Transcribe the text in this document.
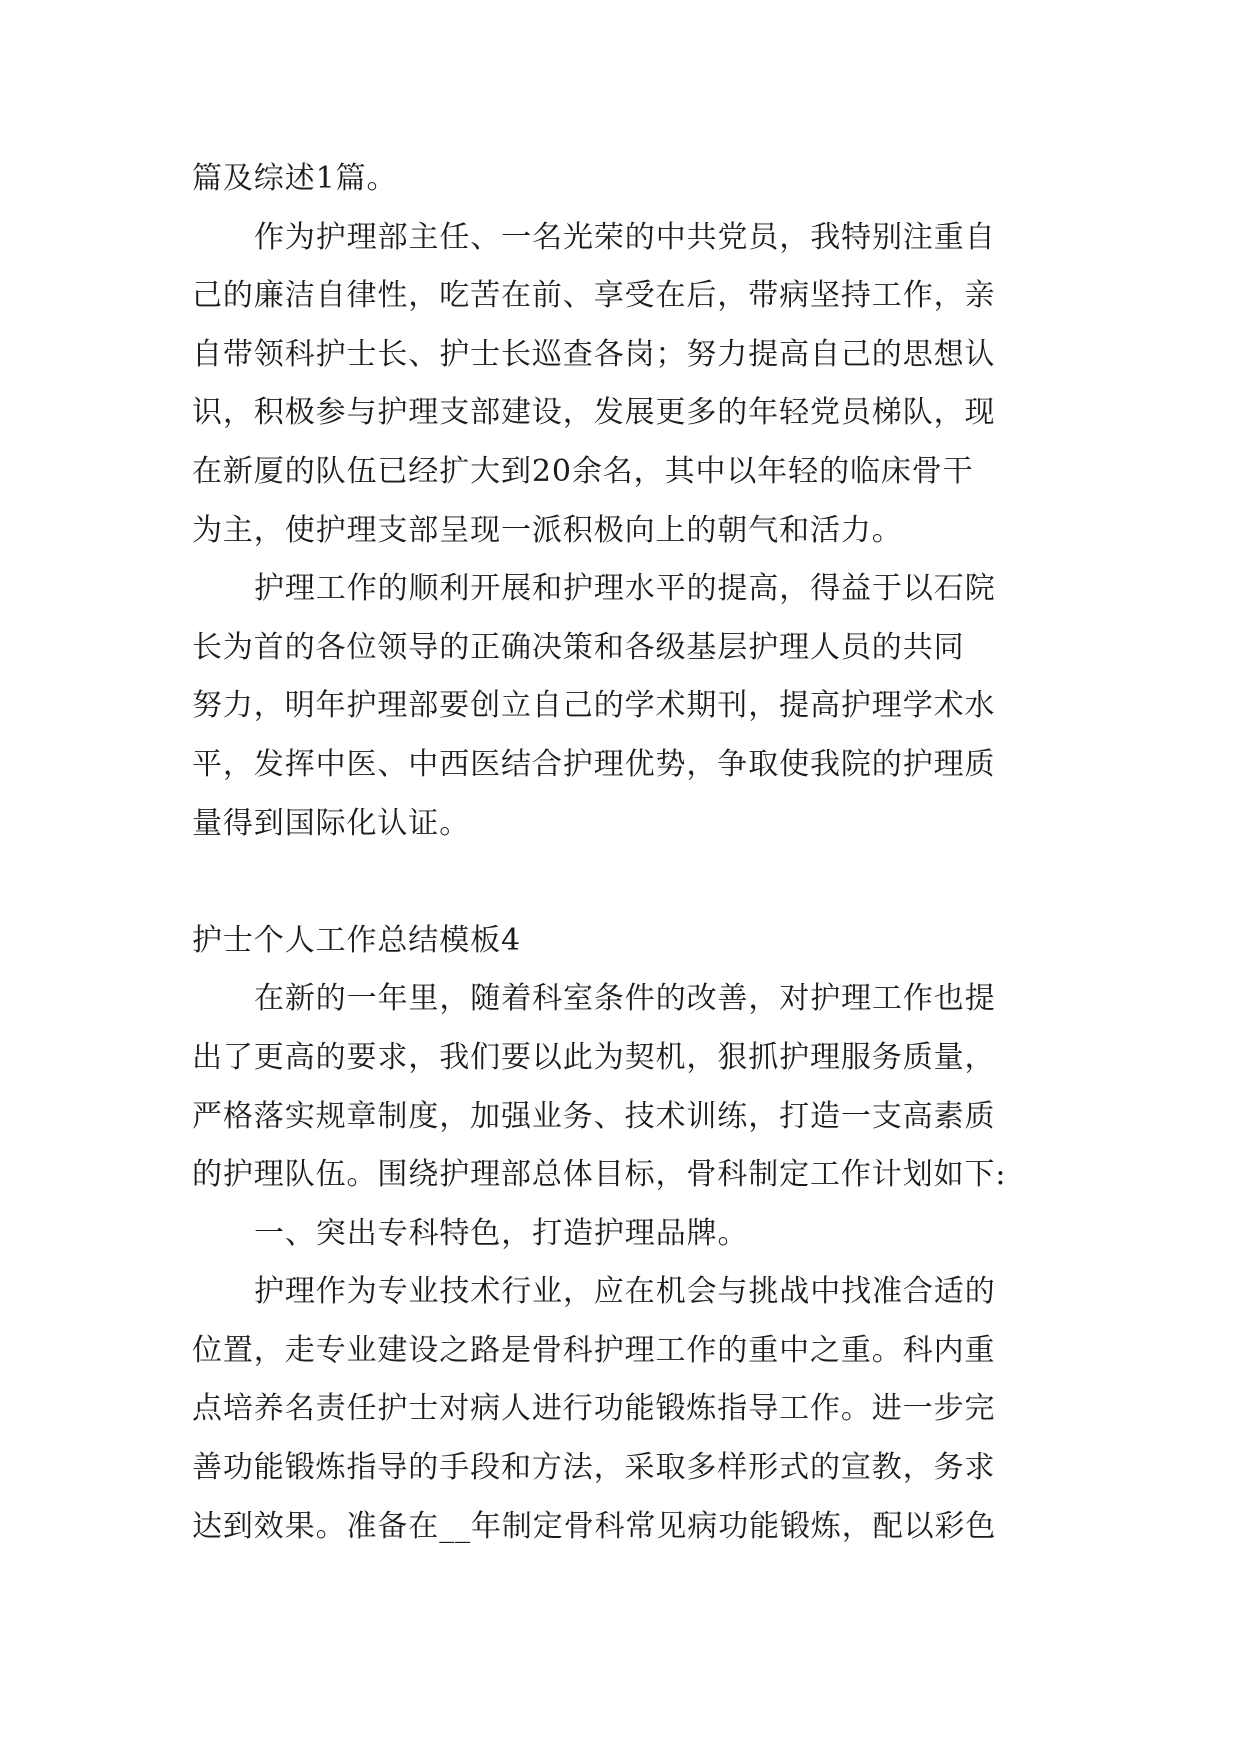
篇及综述1篇。
作为护理部主任、一名光荣的中共党员，我特别注重自
己的廉洁自律性，吃苦在前、享受在后，带病坚持工作，亲
自带领科护士长、护士长巡查各岗；努力提高自己的思想认
识，积极参与护理支部建设，发展更多的年轻党员梯队，现
在新厦的队伍已经扩大到20余名，其中以年轻的临床骨干
为主，使护理支部呈现一派积极向上的朝气和活力。
护理工作的顺利开展和护理水平的提高，得益于以石院
长为首的各位领导的正确决策和各级基层护理人员的共同
努力，明年护理部要创立自己的学术期刊，提高护理学术水
平，发挥中医、中西医结合护理优势，争取使我院的护理质
量得到国际化认证。
护士个人工作总结模板4
在新的一年里，随着科室条件的改善，对护理工作也提
出了更高的要求，我们要以此为契机，狠抓护理服务质量，
严格落实规章制度，加强业务、技术训练，打造一支高素质
的护理队伍。围绕护理部总体目标，骨科制定工作计划如下:
一、突出专科特色，打造护理品牌。
护理作为专业技术行业，应在机会与挑战中找准合适的
位置，走专业建设之路是骨科护理工作的重中之重。科内重
点培养名责任护士对病人进行功能锻炼指导工作。进一步完
善功能锻炼指导的手段和方法，采取多样形式的宣教，务求
达到效果。准备在__年制定骨科常见病功能锻炼，配以彩色
